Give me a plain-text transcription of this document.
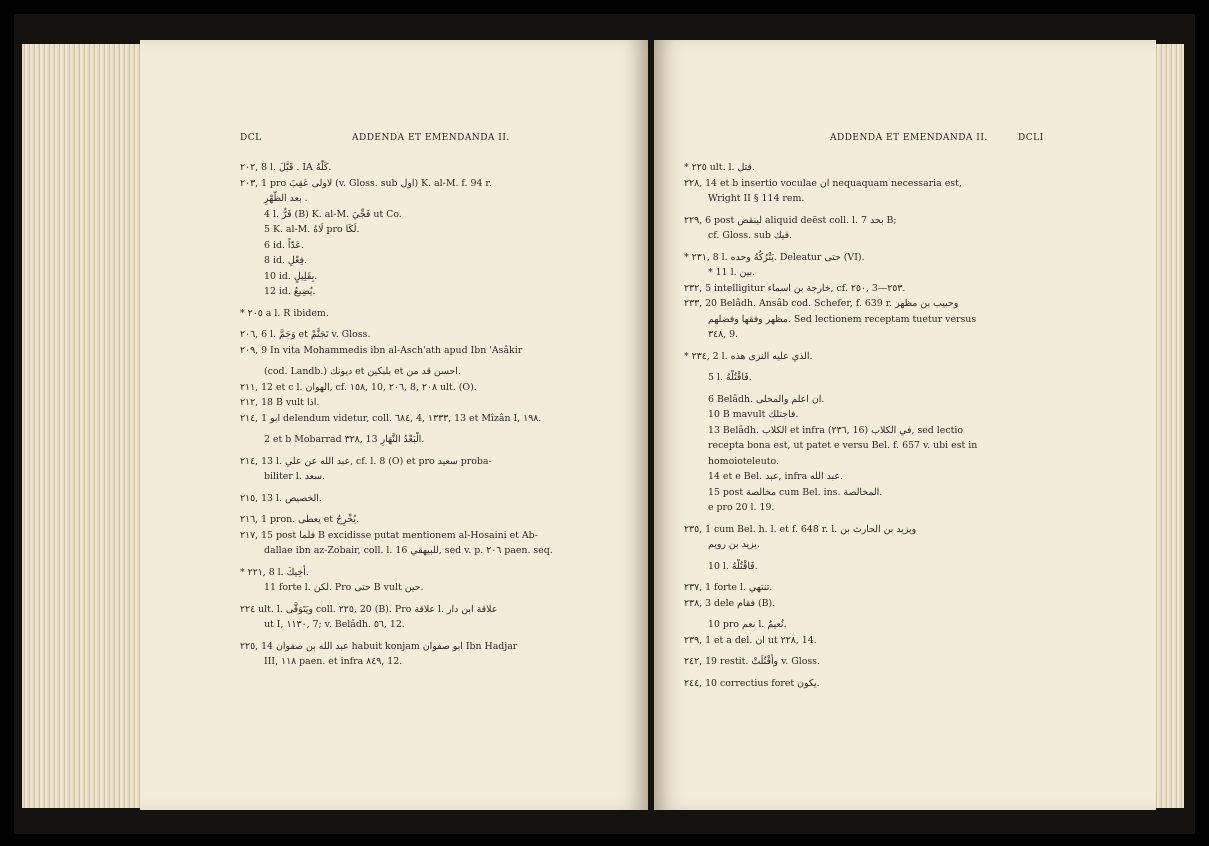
DCL	ADDENDA ET EMENDANDA II.
٢٠٢, 8 l. قَبَّلَ . IA كَلَّهُ.
٢٠٣, 1 pro لاولى عَقِبَ (v. Gloss. sub اول) K. al-M. f. 94 r.
بعد الظُّهْرِ .
4 l. فَرُّ (B) K. al-M. فَجِّيَ ut Co.
5 K. al-M. لَاهُ pro لَكَا.
6 id. عَدّاً.
8 id. فِعْلِ.
10 id. بِقَلِيلٍ.
12 id. يُضِيعُ.
* ٢٠٥ a l. R ibidem.
٢٠٦, 6 l. وَجَمَّ et تَجَنَّمْ v. Gloss.
٢٠٩, 9 In vita Mohammedis ibn al-Asch'ath apud Ibn 'Asâkir
(cod. Landb.) ديونك et بلبكين et احسن قد من.
٢١١, 12 et c l. الهوان, cf. ١٥٨, 10, ٢٠٦, 8, ٢٠٨ ult. (O).
٢١٢, 18 B vult اذا.
٢١٤, 1 ابو delendum videtur, coll. ٦٨٤, 4, ١٣٣٣, 13 et Mîzân I, ١٩٨.
2 et b Mobarrad ٣٢٨, 13 الْبَعْدُ النَّهَارِ.
٢١٤, 13 l. عبد الله عن علي, cf. l. 8 (O) et pro سعيد proba-
biliter l. سعد.
٢١٥, 13 l. الخصيص.
٢١٦, 1 pron. يعطى et يُخْرِجُ.
٢١٧, 15 post فلما B excidisse putat mentionem al-Hosaini et Ab-
dallae ibn az-Zobair, coll. l. 16 للبيهقي, sed v. p. ٢٠٦ paen. seq.
* ٢٢١, 8 l. أَخِيكَ.
11 forte l. لكن. Pro حتى B vult حين.
٢٢٤ ult. l. ويَتَوَقَّى coll. ٢٢٥, 20 (B). Pro علاقة l. علاقة ابن دار
ut I, ١١٣٠, 7; v. Belâdh. ٥٦, 12.
٢٢٥, 14 عبد الله بن صفوان habuit konjam ابو صفوان Ibn Hadjar
III, ١١٨ paen. et infra ٨٤٩, 12.
ADDENDA ET EMENDANDA II.	DCLI
* ٢٢٥ ult. l. قتل.
٢٢٨, 14 et b insertio voculae ان nequaquam necessaria est,
Wright II § 114 rem.
٢٢٩, 6 post لينقض aliquid deëst coll. l. 7 بحد B;
cf. Gloss. sub فيك.
* ٢٣١, 8 l. يَتْرُكُهُ وحده. Deleatur حتى (VI).
* 11 l. بين.
٢٣٢, 5 intelligitur خارجة بن اسماء, cf. ٢٥٠, 3—٢٥٣.
٢٣٣, 20 Belâdh. Ansâb cod. Schefer, f. 639 r. وحبيب بن مظهر
مظهر وفقها وفضلهم. Sed lectionem receptam tuetur versus
٣٤٨, 9.
* ٢٣٤, 2 l. الذي عليه النزى هذه.
5 l. فَاقْتُلْهُ.
6 Belâdh. ان اعلم والمحلى.
10 B mavult فاجتلك.
13 Belâdh. الكلاب et infra (٢٣٦, 16) في الكلاب, sed lectio
recepta bona est, ut patet e versu Bel. f. 657 v. ubi est in
homoioteleuto.
14 et e Bel. عبد, infra عبد الله.
15 post مخالصة cum Bel. ins. المخالصة.
e pro 20 l. 19.
٢٣٥, 1 cum Bel. h. l. et f. 648 r. l. ويزيد بن الحارث بن
يزيد بن رويم.
10 l. فَاقْتُلْهُ.
٢٣٧, 1 forte l. تنتهي.
٢٣٨, 3 dele فقام (B).
10 pro نعم l. نُعيمُ.
٢٣٩, 1 et a del. ان ut ٢٢٨, 14.
٢٤٢, 19 restit. وأُقْتُلَتْ v. Gloss.
٢٤٤, 10 correctius foret يكون.
